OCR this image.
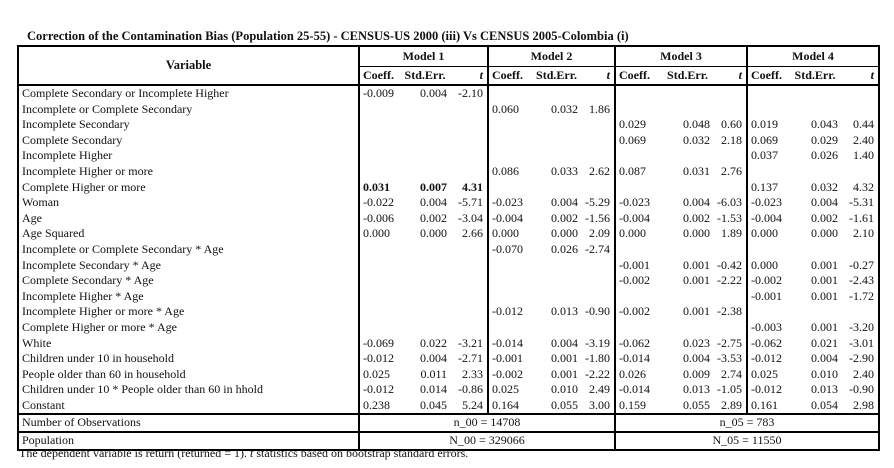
Correction of the Contamination Bias (Population 25-55) - CENSUS-US 2000 (iii) Vs CENSUS 2005-Colombia (i)
Variable	Model 1			Model 2			Model 3			Model 4		
	Coeff.	Std.Err.	t	Coeff.	Std.Err.	t	Coeff.	Std.Err.	t	Coeff.	Std.Err.	t
Complete Secondary or Incomplete Higher	-0.009	0.004	-2.10									
Incomplete or Complete Secondary				0.060	0.032	1.86						
Incomplete Secondary							0.029	0.048	0.60	0.019	0.043	0.44
Complete Secondary							0.069	0.032	2.18	0.069	0.029	2.40
Incomplete Higher										0.037	0.026	1.40
Incomplete Higher or more				0.086	0.033	2.62	0.087	0.031	2.76			
Complete Higher or more	0.031	0.007	4.31							0.137	0.032	4.32
Woman	-0.022	0.004	-5.71	-0.023	0.004	-5.29	-0.023	0.004	-6.03	-0.023	0.004	-5.31
Age	-0.006	0.002	-3.04	-0.004	0.002	-1.56	-0.004	0.002	-1.53	-0.004	0.002	-1.61
Age Squared	0.000	0.000	2.66	0.000	0.000	2.09	0.000	0.000	1.89	0.000	0.000	2.10
Incomplete or Complete Secondary * Age				-0.070	0.026	-2.74						
Incomplete Secondary * Age							-0.001	0.001	-0.42	0.000	0.001	-0.27
Complete Secondary * Age							-0.002	0.001	-2.22	-0.002	0.001	-2.43
Incomplete Higher * Age										-0.001	0.001	-1.72
Incomplete Higher or more * Age				-0.012	0.013	-0.90	-0.002	0.001	-2.38			
Complete Higher or more * Age										-0.003	0.001	-3.20
White	-0.069	0.022	-3.21	-0.014	0.004	-3.19	-0.062	0.023	-2.75	-0.062	0.021	-3.01
Children under 10 in household	-0.012	0.004	-2.71	-0.001	0.001	-1.80	-0.014	0.004	-3.53	-0.012	0.004	-2.90
People older than 60 in household	0.025	0.011	2.33	-0.002	0.001	-2.22	0.026	0.009	2.74	0.025	0.010	2.40
Children under 10 * People older than 60 in hhold	-0.012	0.014	-0.86	0.025	0.010	2.49	-0.014	0.013	-1.05	-0.012	0.013	-0.90
Constant	0.238	0.045	5.24	0.164	0.055	3.00	0.159	0.055	2.89	0.161	0.054	2.98
Number of Observations	n_00 = 14708						n_05 = 783					
Population	N_00 = 329066						N_05 = 11550					
The dependent variable is return (returned = 1). t statistics based on bootstrap standard errors.
